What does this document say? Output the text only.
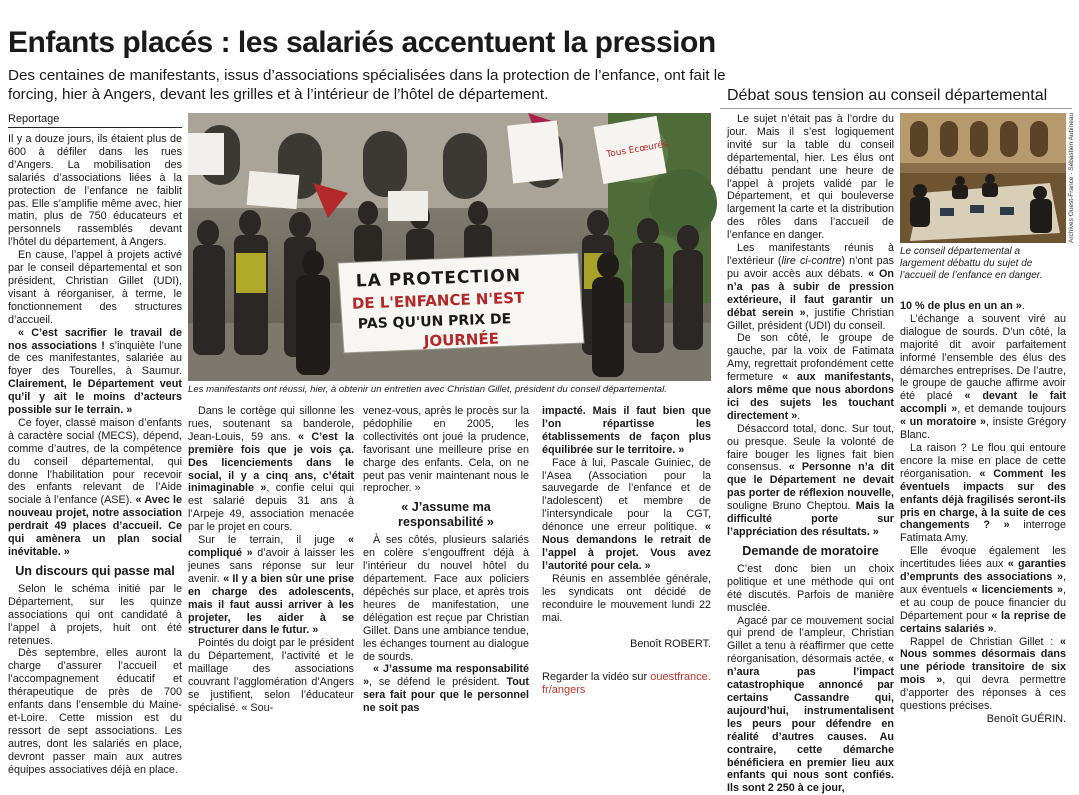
Enfants placés : les salariés accentuent la pression
Des centaines de manifestants, issus d’associations spécialisées dans la protection de l’enfance, ont fait le forcing, hier à Angers, devant les grilles et à l’intérieur de l’hôtel de département.
Reportage

Il y a douze jours, ils étaient plus de 600 à défiler dans les rues d’Angers. La mobilisation des salariés d’associations liées à la protection de l’enfance ne faiblit pas. Elle s’amplifie même avec, hier matin, plus de 750 éducateurs et personnels rassemblés devant l’hôtel du département, à Angers.

En cause, l’appel à projets activé par le conseil départemental et son président, Christian Gillet (UDI), visant à réorganiser, à terme, le fonctionnement des structures d’accueil.

« C’est sacrifier le travail de nos associations ! s’inquiète l’une de ces manifestantes, salariée au foyer des Tourelles, à Saumur. Clairement, le Département veut qu’il y ait le moins d’acteurs possible sur le terrain. »

Ce foyer, classé maison d’enfants à caractère social (MECS), dépend, comme d’autres, de la compétence du conseil départemental, qui donne l’habilitation pour recevoir des enfants relevant de l’Aide sociale à l’enfance (ASE). « Avec le nouveau projet, notre association perdrait 49 places d’accueil. Ce qui amènera un plan social inévitable. »

Un discours qui passe mal

Selon le schéma initié par le Département, sur les quinze associations qui ont candidaté à l’appel à projets, huit ont été retenues.

Dès septembre, elles auront la charge d’assurer l’accueil et l’accompagnement éducatif et thérapeutique de près de 700 enfants dans l’ensemble du Maine-et-Loire. Cette mission est du ressort de sept associations. Les autres, dont les salariés en place, devront passer main aux autres équipes associatives déjà en place.

Tous Ecœurés
LA PROTECTION
DE L'ENFANCE N'EST
PAS QU'UN PRIX DE
JOURNÉE
Les manifestants ont réussi, hier, à obtenir un entretien avec Christian Gillet, président du conseil départemental.

Dans le cortège qui sillonne les rues, soutenant sa banderole, Jean-Louis, 59 ans. « C’est la première fois que je vois ça. Des licenciements dans le social, il y a cinq ans, c’était inimaginable », confie celui qui est salarié depuis 31 ans à l’Arpeje 49, association menacée par le projet en cours.

Sur le terrain, il juge « compliqué » d’avoir à laisser les jeunes sans réponse sur leur avenir. « Il y a bien sûr une prise en charge des adolescents, mais il faut aussi arriver à les projeter, les aider à se structurer dans le futur. »

Pointés du doigt par le président du Département, l’activité et le maillage des associations couvrant l’agglomération d’Angers se justifient, selon l’éducateur spécialisé. « Sou-

venez-vous, après le procès sur la pédophilie en 2005, les collectivités ont joué la prudence, favorisant une meilleure prise en charge des enfants. Cela, on ne peut pas venir maintenant nous le reprocher. »

« J’assume ma responsabilité »

À ses côtés, plusieurs salariés en colère s’engouffrent déjà à l’intérieur du nouvel hôtel du département. Face aux policiers dépêchés sur place, et après trois heures de manifestation, une délégation est reçue par Christian Gillet. Dans une ambiance tendue, les échanges tournent au dialogue de sourds.

« J’assume ma responsabilité », se défend le président. Tout sera fait pour que le personnel ne soit pas

impacté. Mais il faut bien que l’on répartisse les établissements de façon plus équilibrée sur le territoire. »

Face à lui, Pascale Guiniec, de l’Asea (Association pour la sauvegarde de l’enfance et de l’adolescent) et membre de l’intersyndicale pour la CGT, dénonce une erreur politique. « Nous demandons le retrait de l’appel à projet. Vous avez l’autorité pour cela. »

Réunis en assemblée générale, les syndicats ont décidé de reconduire le mouvement lundi 22 mai.

Benoît ROBERT.

Regarder la vidéo sur ouestfrance.
fr/angers

Débat sous tension au conseil départemental

Le sujet n’était pas à l’ordre du jour. Mais il s’est logiquement invité sur la table du conseil départemental, hier. Les élus ont débattu pendant une heure de l’appel à projets validé par le Département, et qui bouleverse largement la carte et la distribution des rôles dans l’accueil de l’enfance en danger.

Les manifestants réunis à l’extérieur (lire ci-contre) n’ont pas pu avoir accès aux débats. « On n’a pas à subir de pression extérieure, il faut garantir un débat serein », justifie Christian Gillet, président (UDI) du conseil.

De son côté, le groupe de gauche, par la voix de Fatimata Amy, regrettait profondément cette fermeture « aux manifestants, alors même que nous abordons ici des sujets les touchant directement ».

Désaccord total, donc. Sur tout, ou presque. Seule la volonté de faire bouger les lignes fait bien consensus. « Personne n’a dit que le Département ne devait pas porter de réflexion nouvelle, souligne Bruno Cheptou. Mais la difficulté porte sur l’appréciation des résultats. »

Demande de moratoire

C’est donc bien un choix politique et une méthode qui ont été discutés. Parfois de manière musclée.

Agacé par ce mouvement social qui prend de l’ampleur, Christian Gillet a tenu à réaffirmer que cette réorganisation, désormais actée, « n’aura pas l’impact catastrophique annoncé par certains Cassandre qui, aujourd’hui, instrumentalisent les peurs pour défendre en réalité d’autres causes. Au contraire, cette démarche bénéficiera en premier lieu aux enfants qui nous sont confiés. Ils sont 2 250 à ce jour,

Archives Ouest-France - Sébastien Aubineau
Le conseil départemental a largement débattu du sujet de l’accueil de l’enfance en danger.

10 % de plus en un an ».

L’échange a souvent viré au dialogue de sourds. D’un côté, la majorité dit avoir parfaitement informé l’ensemble des élus des démarches entreprises. De l’autre, le groupe de gauche affirme avoir été placé « devant le fait accompli », et demande toujours « un moratoire », insiste Grégory Blanc.

La raison ? Le flou qui entoure encore la mise en place de cette réorganisation. « Comment les éventuels impacts sur des enfants déjà fragilisés seront-ils pris en charge, à la suite de ces changements ? » interroge Fatimata Amy.

Elle évoque également les incertitudes liées aux « garanties d’emprunts des associations », aux éventuels « licenciements », et au coup de pouce financier du Département pour « la reprise de certains salariés ».

Rappel de Christian Gillet : « Nous sommes désormais dans une période transitoire de six mois », qui devra permettre d’apporter des réponses à ces questions précises.

Benoît GUÉRIN.
